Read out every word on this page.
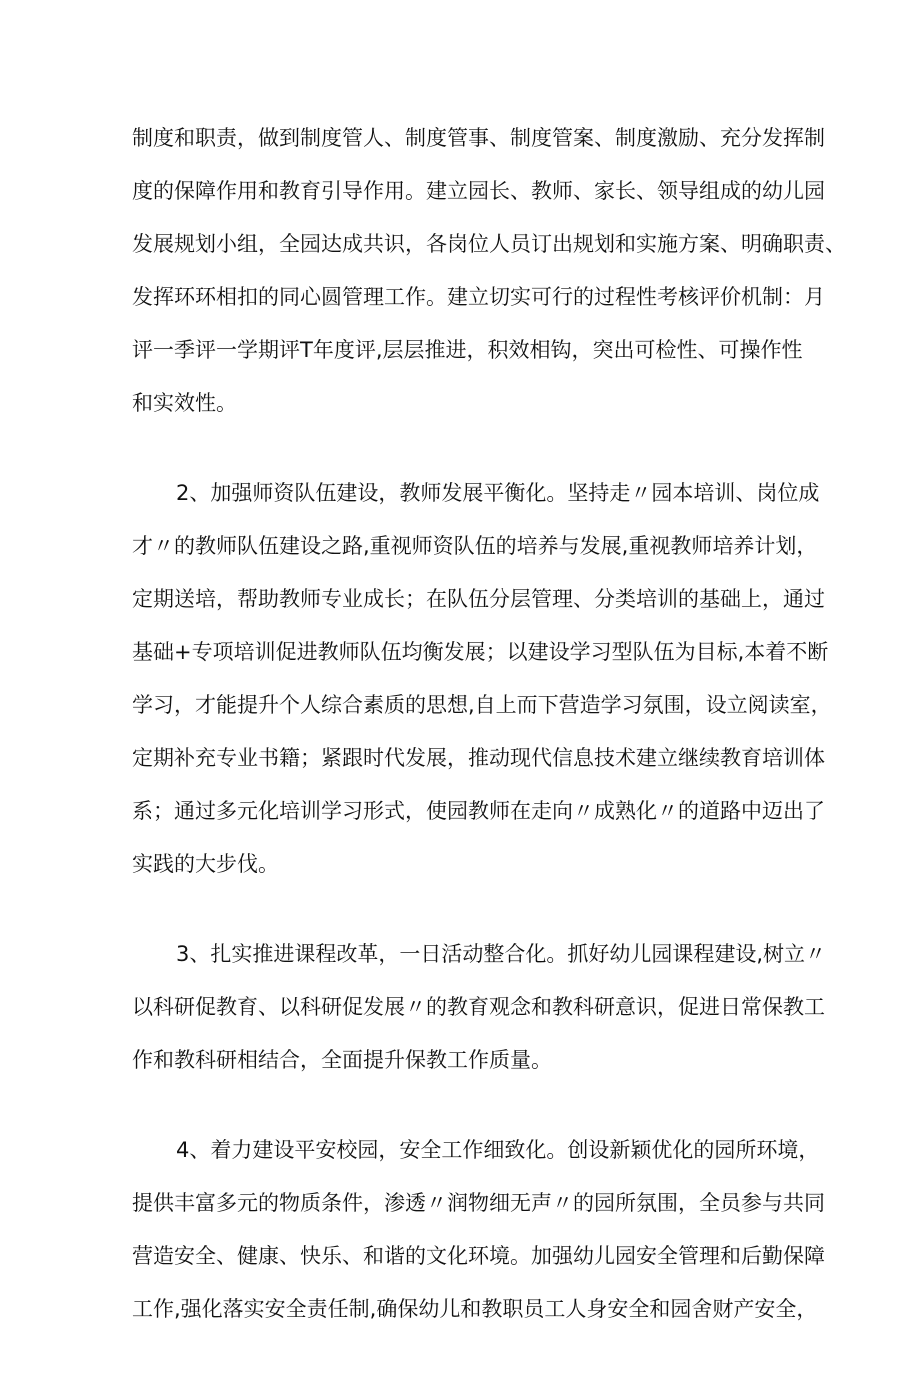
制度和职责，做到制度管人、制度管事、制度管案、制度激励、充分发挥制
度的保障作用和教育引导作用。建立园长、教师、家长、领导组成的幼儿园
发展规划小组，全园达成共识，各岗位人员订出规划和实施方案、明确职责、
发挥环环相扣的同心圆管理工作。建立切实可行的过程性考核评价机制：月
评一季评一学期评T年度评,层层推进，积效相钩，突出可检性、可操作性
和实效性。
2、加强师资队伍建设，教师发展平衡化。坚持走〃园本培训、岗位成
才〃的教师队伍建设之路,重视师资队伍的培养与发展,重视教师培养计划，
定期送培，帮助教师专业成长；在队伍分层管理、分类培训的基础上，通过
基础+专项培训促进教师队伍均衡发展；以建设学习型队伍为目标,本着不断
学习，才能提升个人综合素质的思想,自上而下营造学习氛围，设立阅读室，
定期补充专业书籍；紧跟时代发展，推动现代信息技术建立继续教育培训体
系；通过多元化培训学习形式，使园教师在走向〃成熟化〃的道路中迈出了
实践的大步伐。
3、扎实推进课程改革，一日活动整合化。抓好幼儿园课程建设,树立〃
以科研促教育、以科研促发展〃的教育观念和教科研意识，促进日常保教工
作和教科研相结合，全面提升保教工作质量。
4、着力建设平安校园，安全工作细致化。创设新颖优化的园所环境，
提供丰富多元的物质条件，渗透〃润物细无声〃的园所氛围，全员参与共同
营造安全、健康、快乐、和谐的文化环境。加强幼儿园安全管理和后勤保障
工作,强化落实安全责任制,确保幼儿和教职员工人身安全和园舍财产安全，
